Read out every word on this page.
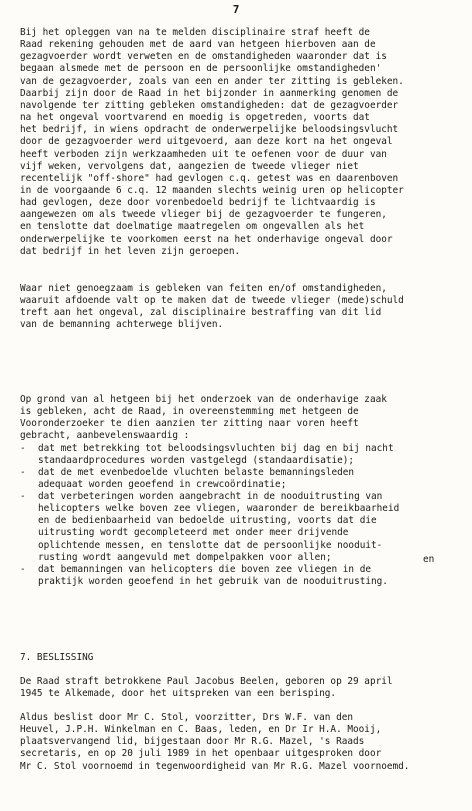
7
Bij het opleggen van na te melden disciplinaire straf heeft de
Raad rekening gehouden met de aard van hetgeen hierboven aan de
gezagvoerder wordt verweten en de omstandigheden waaronder dat is
begaan alsmede met de persoon en de persoonlijke omstandigheden'
van de gezagvoerder, zoals van een en ander ter zitting is gebleken.
Daarbij zijn door de Raad in het bijzonder in aanmerking genomen de
navolgende ter zitting gebleken omstandigheden: dat de gezagvoerder
na het ongeval voortvarend en moedig is opgetreden, voorts dat
het bedrijf, in wiens opdracht de onderwerpelijke beloodsingsvlucht
door de gezagvoerder werd uitgevoerd, aan deze kort na het ongeval
heeft verboden zijn werkzaamheden uit te oefenen voor de duur van
vijf weken, vervolgens dat, aangezien de tweede vlieger niet
recentelijk "off-shore" had gevlogen c.q. getest was en daarenboven
in de voorgaande 6 c.q. 12 maanden slechts weinig uren op helicopter
had gevlogen, deze door vorenbedoeld bedrijf te lichtvaardig is
aangewezen om als tweede vlieger bij de gezagvoerder te fungeren,
en tenslotte dat doelmatige maatregelen om ongevallen als het
onderwerpelijke te voorkomen eerst na het onderhavige ongeval door
dat bedrijf in het leven zijn geroepen.
Waar niet genoegzaam is gebleken van feiten en/of omstandigheden,
waaruit afdoende valt op te maken dat de tweede vlieger (mede)schuld
treft aan het ongeval, zal disciplinaire bestraffing van dit lid
van de bemanning achterwege blijven.
Op grond van al hetgeen bij het onderzoek van de onderhavige zaak
is gebleken, acht de Raad, in overeenstemming met hetgeen de
Vooronderzoeker te dien aanzien ter zitting naar voren heeft
gebracht, aanbevelenswaardig :
- dat met betrekking tot beloodsingsvluchten bij dag en bij nacht
standaardprocedures worden vastgelegd (standaardisatie);
- dat de met evenbedoelde vluchten belaste bemanningsleden
adequaat worden geoefend in crewcoördinatie;
- dat verbeteringen worden aangebracht in de nooduitrusting van
helicopters welke boven zee vliegen, waaronder de bereikbaarheid
en de bedienbaarheid van bedoelde uitrusting, voorts dat die
uitrusting wordt gecompleteerd met onder meer drijvende
oplichtende messen, en tenslotte dat de persoonlijke nooduit-
rusting wordt aangevuld met dompelpakken voor allen;	en
- dat bemanningen van helicopters die boven zee vliegen in de
praktijk worden geoefend in het gebruik van de nooduitrusting.
7. BESLISSING
De Raad straft betrokkene Paul Jacobus Beelen, geboren op 29 april
1945 te Alkemade, door het uitspreken van een berisping.
Aldus beslist door Mr C. Stol, voorzitter, Drs W.F. van den
Heuvel, J.P.H. Winkelman en C. Baas, leden, en Dr Ir H.A. Mooij,
plaatsvervangend lid, bijgestaan door Mr R.G. Mazel, 's Raads
secretaris, en op 20 juli 1989 in het openbaar uitgesproken door
Mr C. Stol voornoemd in tegenwoordigheid van Mr R.G. Mazel voornoemd.
